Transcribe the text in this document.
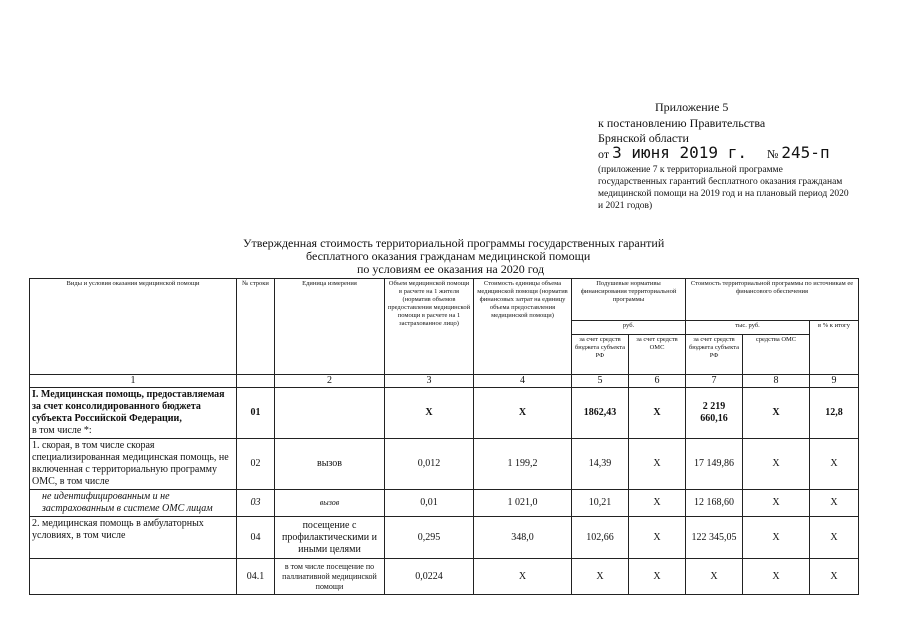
Приложение 5
к постановлению Правительства
Брянской области
от 3 июня 2019 г. № 245-п
(приложение 7 к территориальной программе
государственных гарантий бесплатного оказания гражданам
медицинской помощи на 2019 год и на плановый период 2020
и 2021 годов)
Утвержденная стоимость территориальной программы государственных гарантий
бесплатного оказания гражданам медицинской помощи
по условиям ее оказания на 2020 год
Виды и условия оказания медицинской помощи	№ строки	Единица измерения	Объем медицинской помощи в расчете на 1 жителя (норматив объемов предоставления медицинской помощи в расчете на 1 застрахованное лицо)	Стоимость единицы объема медицинской помощи (норматив финансовых затрат на единицу объема предоставления медицинской помощи)	Подушевые нормативы финансирования территориальной программы		Стоимость территориальной программы по источникам ее финансового обеспечения		
					руб.		тыс. руб.		в % к итогу
					за счет средств бюджета субъекта РФ	за счет средств ОМС	за счет средств бюджета субъекта РФ	средства ОМС	
1		2	3	4	5	6	7	8	9
I. Медицинская помощь, предоставляемая за счет консолидированного бюджета субъекта Российской Федерации,
в том числе *:	01		Х	Х	1862,43	Х	2 219 660,16	Х	12,8
1. скорая, в том числе скорая специализированная медицинская помощь, не включенная с территориальную программу ОМС, в том числе	02	вызов	0,012	1 199,2	14,39	Х	17 149,86	Х	Х
не идентифицированным и не застрахованным в системе ОМС лицам	03	вызов	0,01	1 021,0	10,21	Х	12 168,60	Х	Х
2. медицинская помощь в амбулаторных условиях, в том числе	04	посещение с профилактическими и иными целями	0,295	348,0	102,66	Х	122 345,05	Х	Х
	04.1	в том числе посещение по паллиативной медицинской помощи	0,0224	Х	Х	Х	Х	Х	Х
